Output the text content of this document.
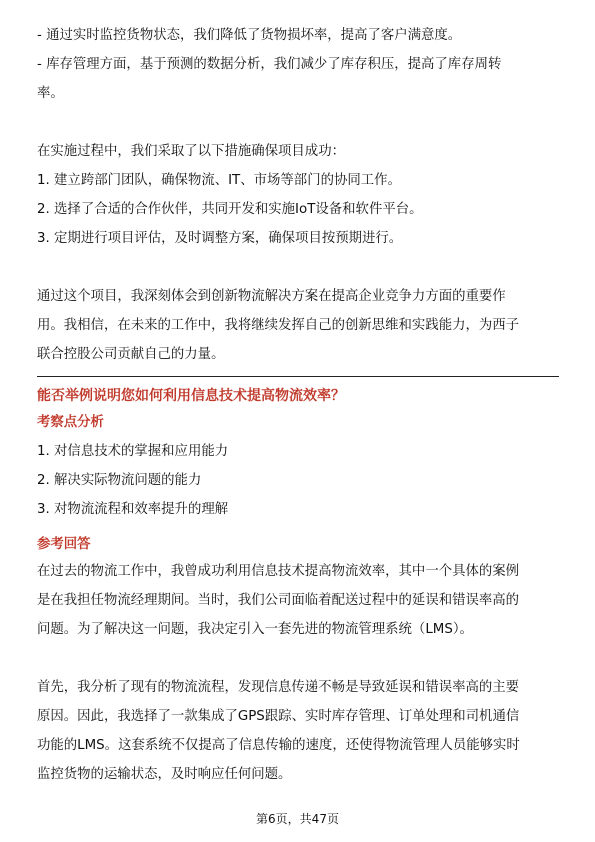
- 通过实时监控货物状态，我们降低了货物损坏率，提高了客户满意度。
- 库存管理方面，基于预测的数据分析，我们减少了库存积压，提高了库存周转
率。
在实施过程中，我们采取了以下措施确保项目成功：
1. 建立跨部门团队，确保物流、IT、市场等部门的协同工作。
2. 选择了合适的合作伙伴，共同开发和实施IoT设备和软件平台。
3. 定期进行项目评估，及时调整方案，确保项目按预期进行。
通过这个项目，我深刻体会到创新物流解决方案在提高企业竞争力方面的重要作
用。我相信，在未来的工作中，我将继续发挥自己的创新思维和实践能力，为西子
联合控股公司贡献自己的力量。
能否举例说明您如何利用信息技术提高物流效率？
考察点分析
1. 对信息技术的掌握和应用能力
2. 解决实际物流问题的能力
3. 对物流流程和效率提升的理解
参考回答
在过去的物流工作中，我曾成功利用信息技术提高物流效率，其中一个具体的案例
是在我担任物流经理期间。当时，我们公司面临着配送过程中的延误和错误率高的
问题。为了解决这一问题，我决定引入一套先进的物流管理系统（LMS）。
首先，我分析了现有的物流流程，发现信息传递不畅是导致延误和错误率高的主要
原因。因此，我选择了一款集成了GPS跟踪、实时库存管理、订单处理和司机通信
功能的LMS。这套系统不仅提高了信息传输的速度，还使得物流管理人员能够实时
监控货物的运输状态，及时响应任何问题。
第6页，共47页
